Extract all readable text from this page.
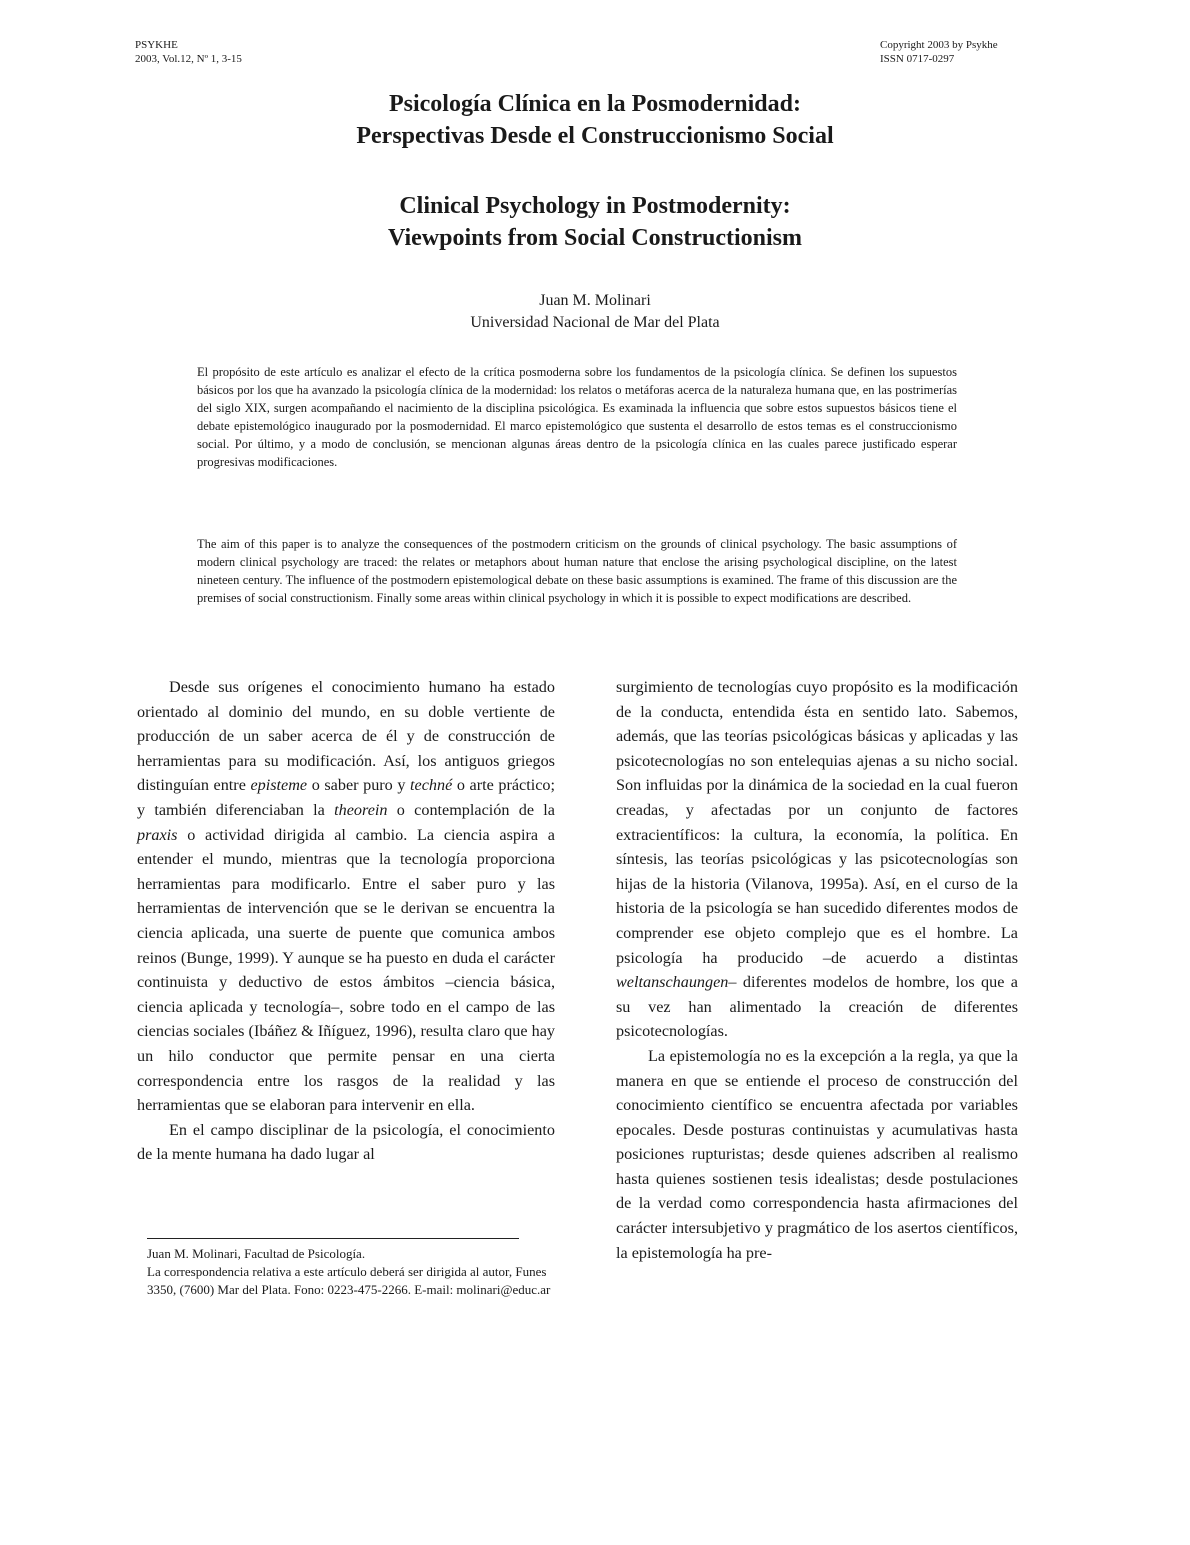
PSYKHE
2003, Vol.12, Nº 1, 3-15
Copyright 2003 by Psykhe
ISSN 0717-0297
Psicología Clínica en la Posmodernidad:
Perspectivas Desde el Construccionismo Social
Clinical Psychology in Postmodernity:
Viewpoints from Social Constructionism
Juan M. Molinari
Universidad Nacional de Mar del Plata
El propósito de este artículo es analizar el efecto de la crítica posmoderna sobre los fundamentos de la psicología clínica. Se definen los supuestos básicos por los que ha avanzado la psicología clínica de la modernidad: los relatos o metáforas acerca de la naturaleza humana que, en las postrimerías del siglo XIX, surgen acompañando el nacimiento de la disciplina psicológica. Es examinada la influencia que sobre estos supuestos básicos tiene el debate epistemológico inaugurado por la posmodernidad. El marco epistemológico que sustenta el desarrollo de estos temas es el construccionismo social. Por último, y a modo de conclusión, se mencionan algunas áreas dentro de la psicología clínica en las cuales parece justificado esperar progresivas modificaciones.
The aim of this paper is to analyze the consequences of the postmodern criticism on the grounds of clinical psychology. The basic assumptions of modern clinical psychology are traced: the relates or metaphors about human nature that enclose the arising psychological discipline, on the latest nineteen century. The influence of the postmodern epistemological debate on these basic assumptions is examined. The frame of this discussion are the premises of social constructionism. Finally some areas within clinical psychology in which it is possible to expect modifications are described.

Desde sus orígenes el conocimiento humano ha estado orientado al dominio del mundo, en su doble vertiente de producción de un saber acerca de él y de construcción de herramientas para su modificación. Así, los antiguos griegos distinguían entre episteme o saber puro y techné o arte práctico; y también diferenciaban la theorein o contemplación de la praxis o actividad dirigida al cambio. La ciencia aspira a entender el mundo, mientras que la tecnología proporciona herramientas para modificarlo. Entre el saber puro y las herramientas de intervención que se le derivan se encuentra la ciencia aplicada, una suerte de puente que comunica ambos reinos (Bunge, 1999). Y aunque se ha puesto en duda el carácter continuista y deductivo de estos ámbitos –ciencia básica, ciencia aplicada y tecnología–, sobre todo en el campo de las ciencias sociales (Ibáñez & Iñíguez, 1996), resulta claro que hay un hilo conductor que permite pensar en una cierta correspondencia entre los rasgos de la realidad y las herramientas que se elaboran para intervenir en ella.

En el campo disciplinar de la psicología, el conocimiento de la mente humana ha dado lugar al

surgimiento de tecnologías cuyo propósito es la modificación de la conducta, entendida ésta en sentido lato. Sabemos, además, que las teorías psicológicas básicas y aplicadas y las psicotecnologías no son entelequias ajenas a su nicho social. Son influidas por la dinámica de la sociedad en la cual fueron creadas, y afectadas por un conjunto de factores extracientíficos: la cultura, la economía, la política. En síntesis, las teorías psicológicas y las psicotecnologías son hijas de la historia (Vilanova, 1995a). Así, en el curso de la historia de la psicología se han sucedido diferentes modos de comprender ese objeto complejo que es el hombre. La psicología ha producido –de acuerdo a distintas weltanschaungen– diferentes modelos de hombre, los que a su vez han alimentado la creación de diferentes psicotecnologías.

La epistemología no es la excepción a la regla, ya que la manera en que se entiende el proceso de construcción del conocimiento científico se encuentra afectada por variables epocales. Desde posturas continuistas y acumulativas hasta posiciones rupturistas; desde quienes adscriben al realismo hasta quienes sostienen tesis idealistas; desde postulaciones de la verdad como correspondencia hasta afirmaciones del carácter intersubjetivo y pragmático de los asertos científicos, la epistemología ha pre-

Juan M. Molinari, Facultad de Psicología.

La correspondencia relativa a este artículo deberá ser dirigida al autor, Funes 3350, (7600) Mar del Plata. Fono: 0223-475-2266. E-mail: molinari@educ.ar
